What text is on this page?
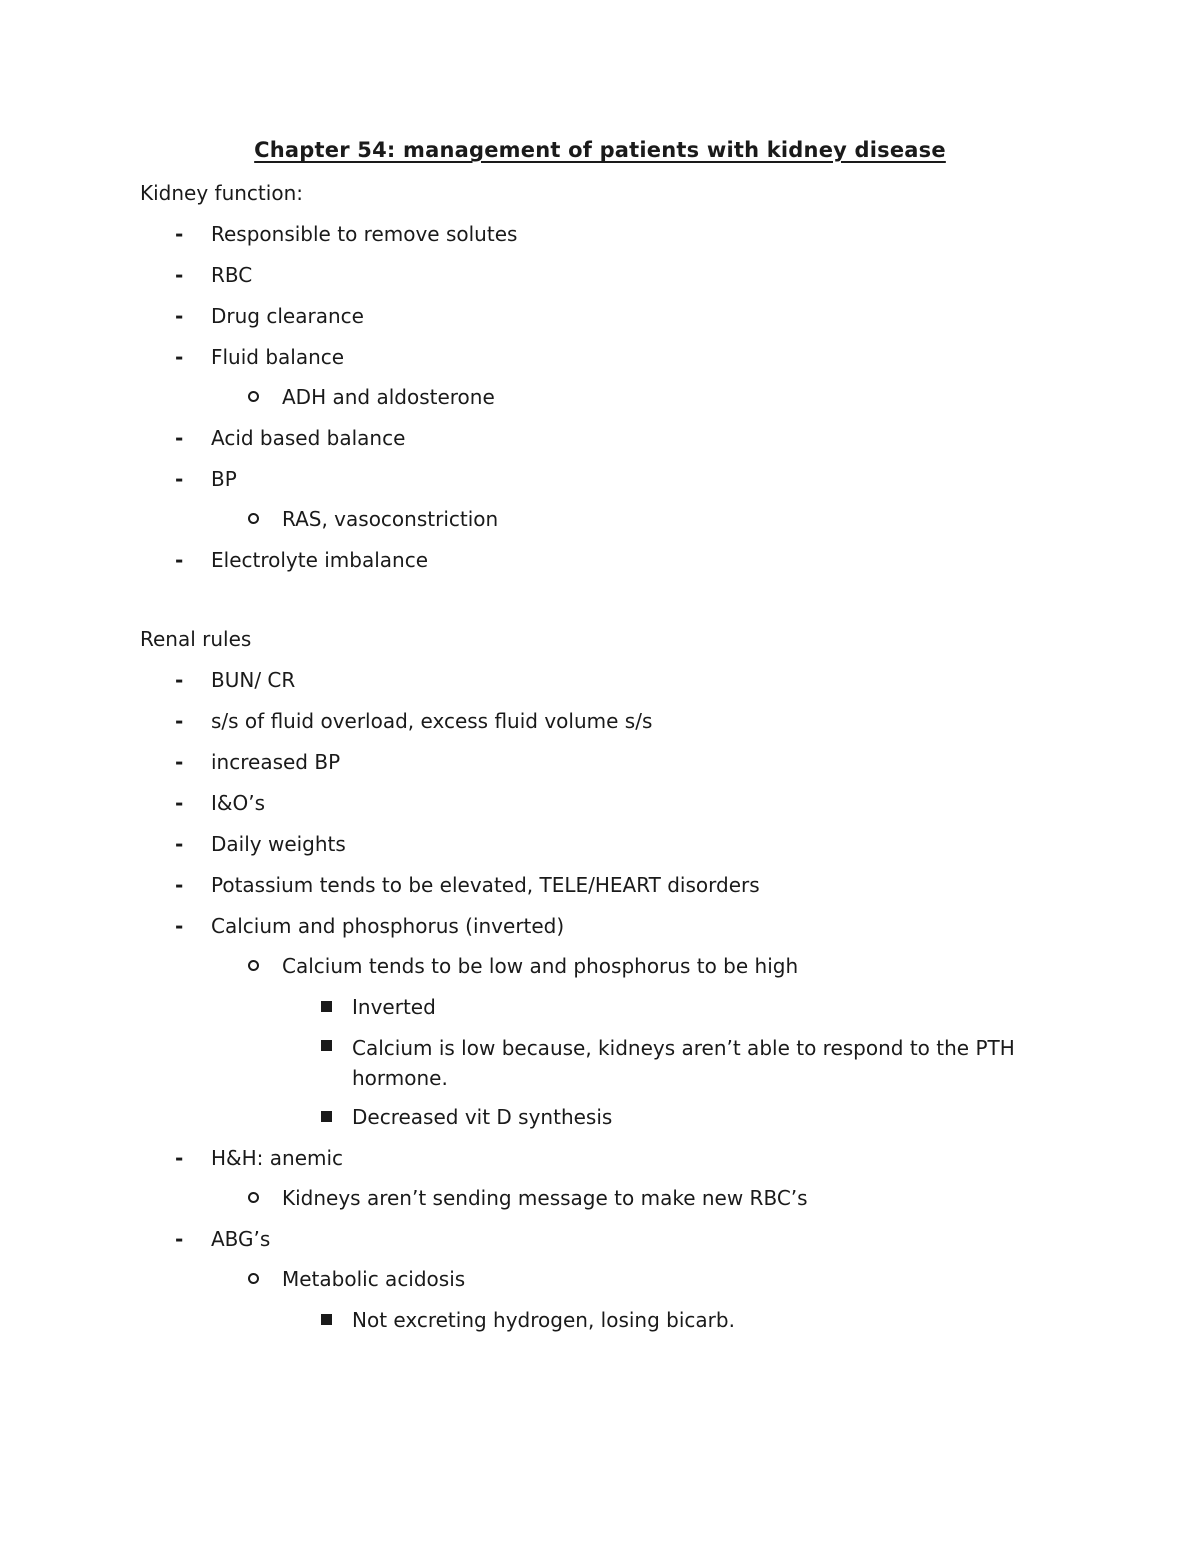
Chapter 54: management of patients with kidney disease
Kidney function:
- Responsible to remove solutes
- RBC
- Drug clearance
- Fluid balance
ADH and aldosterone
- Acid based balance
- BP
RAS, vasoconstriction
- Electrolyte imbalance
Renal rules
- BUN/ CR
- s/s of fluid overload, excess fluid volume s/s
- increased BP
- I&O’s
- Daily weights
- Potassium tends to be elevated, TELE/HEART disorders
- Calcium and phosphorus (inverted)
Calcium tends to be low and phosphorus to be high
Inverted
Calcium is low because, kidneys aren’t able to respond to the PTH hormone.
Decreased vit D synthesis
- H&H: anemic
Kidneys aren’t sending message to make new RBC’s
- ABG’s
Metabolic acidosis
Not excreting hydrogen, losing bicarb.
